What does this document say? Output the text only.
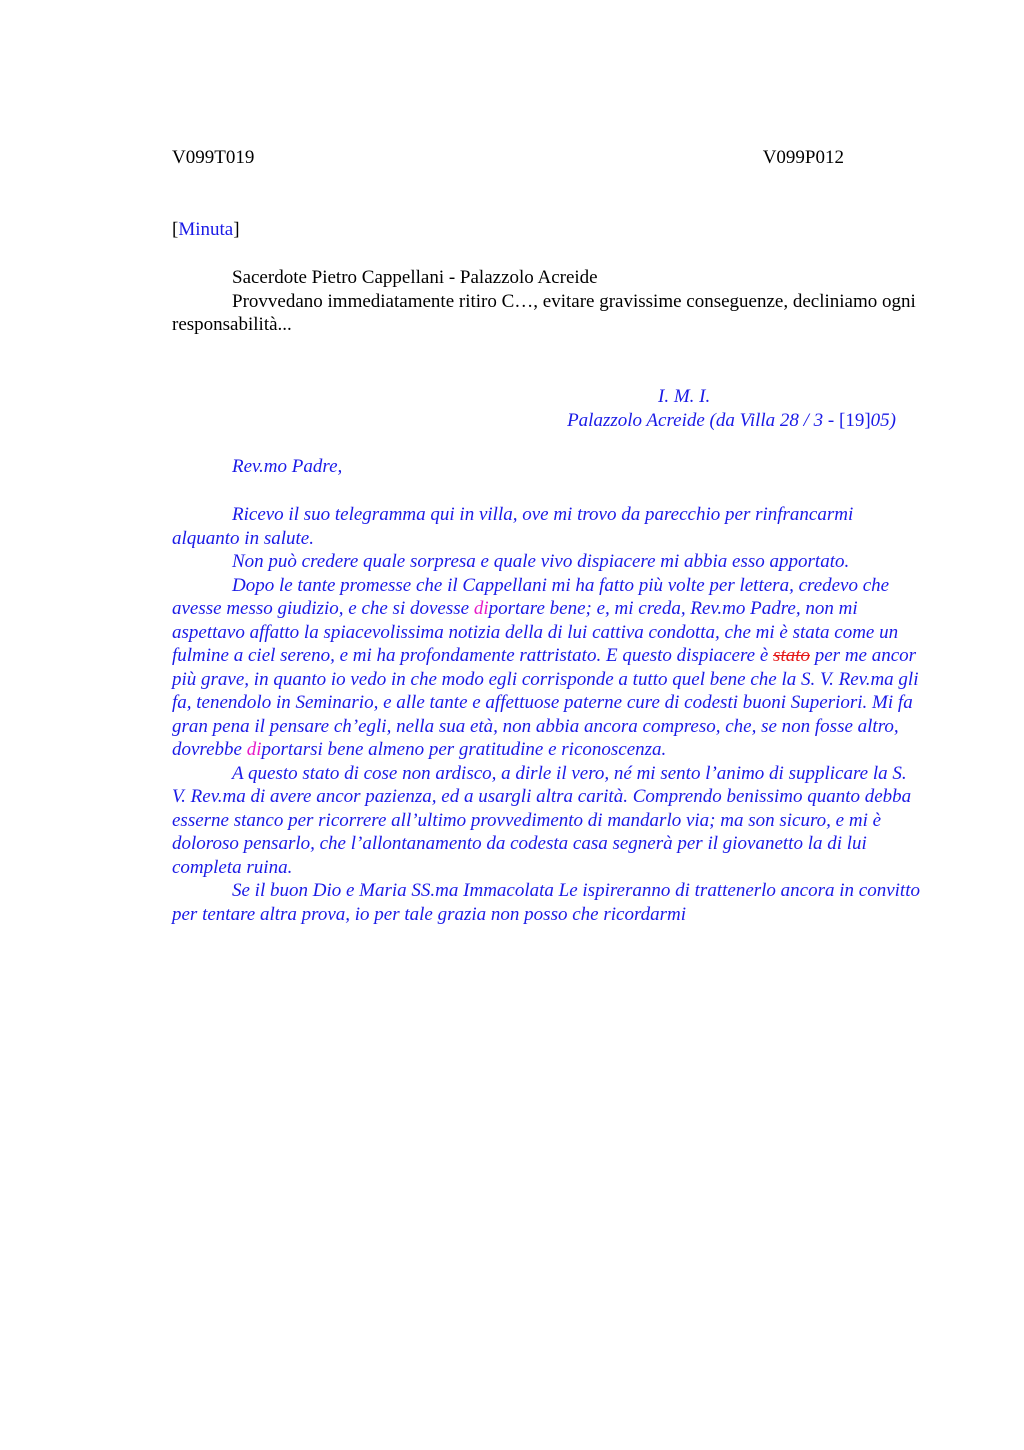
V099T019	V099P012
[Minuta]

Sacerdote Pietro Cappellani - Palazzolo Acreide

Provvedano immediatamente ritiro C…, evitare gravissime conseguenze, decliniamo ogni responsabilità...

I. M. I.
Palazzolo Acreide (da Villa 28 / 3 - [19]05)
Rev.mo Padre,

Ricevo il suo telegramma qui in villa, ove mi trovo da parecchio per rinfrancarmi alquanto in salute.

Non può credere quale sorpresa e quale vivo dispiacere mi abbia esso apportato.

Dopo le tante promesse che il Cappellani mi ha fatto più volte per lettera, credevo che avesse messo giudizio, e che si dovesse diportare bene; e, mi creda, Rev.mo Padre, non mi aspettavo affatto la spiacevolissima notizia della di lui cattiva condotta, che mi è stata come un fulmine a ciel sereno, e mi ha profondamente rattristato. E questo dispiacere è stato per me ancor più grave, in quanto io vedo in che modo egli corrisponde a tutto quel bene che la S. V. Rev.ma gli fa, tenendolo in Seminario, e alle tante e affettuose paterne cure di codesti buoni Superiori. Mi fa gran pena il pensare ch’egli, nella sua età, non abbia ancora compreso, che, se non fosse altro, dovrebbe diportarsi bene almeno per gratitudine e riconoscenza.

A questo stato di cose non ardisco, a dirle il vero, né mi sento l’animo di supplicare la S. V. Rev.ma di avere ancor pazienza, ed a usargli altra carità. Comprendo benissimo quanto debba esserne stanco per ricorrere all’ultimo provvedimento di mandarlo via; ma son sicuro, e mi è doloroso pensarlo, che l’allontanamento da codesta casa segnerà per il giovanetto la di lui completa ruina.

Se il buon Dio e Maria SS.ma Immacolata Le ispireranno di trattenerlo ancora in convitto per tentare altra prova, io per tale grazia non posso che ricordarmi
